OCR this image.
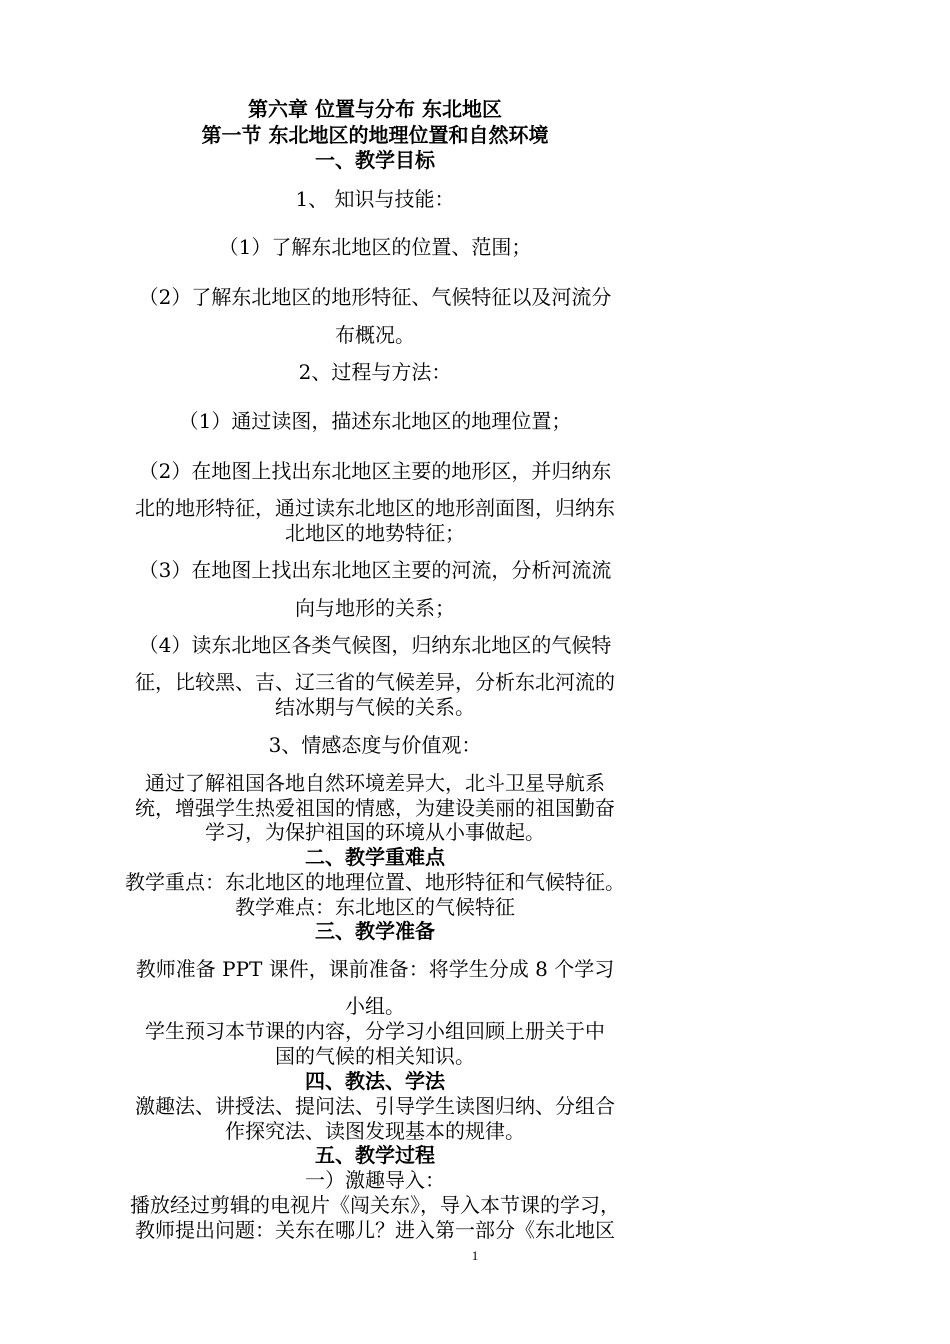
第六章 位置与分布 东北地区
第一节 东北地区的地理位置和自然环境
一、教学目标
1、 知识与技能：
（1）了解东北地区的位置、范围；
（2）了解东北地区的地形特征、气候特征以及河流分
布概况。
2、过程与方法：
（1）通过读图，描述东北地区的地理位置；
（2）在地图上找出东北地区主要的地形区，并归纳东
北的地形特征，通过读东北地区的地形剖面图，归纳东
北地区的地势特征；
（3）在地图上找出东北地区主要的河流，分析河流流
向与地形的关系；
（4）读东北地区各类气候图，归纳东北地区的气候特
征，比较黑、吉、辽三省的气候差异，分析东北河流的
结冰期与气候的关系。
3、情感态度与价值观：
通过了解祖国各地自然环境差异大，北斗卫星导航系
统，增强学生热爱祖国的情感，为建设美丽的祖国勤奋
学习，为保护祖国的环境从小事做起。
二、教学重难点
教学重点：东北地区的地理位置、地形特征和气候特征。
教学难点：东北地区的气候特征
三、教学准备
教师准备 PPT 课件，课前准备：将学生分成 8 个学习
小组。
学生预习本节课的内容，分学习小组回顾上册关于中
国的气候的相关知识。
四、教法、学法
激趣法、讲授法、提问法、引导学生读图归纳、分组合
作探究法、读图发现基本的规律。
五、教学过程
一）激趣导入：
播放经过剪辑的电视片《闯关东》，导入本节课的学习，
教师提出问题：关东在哪儿？进入第一部分《东北地区
1
